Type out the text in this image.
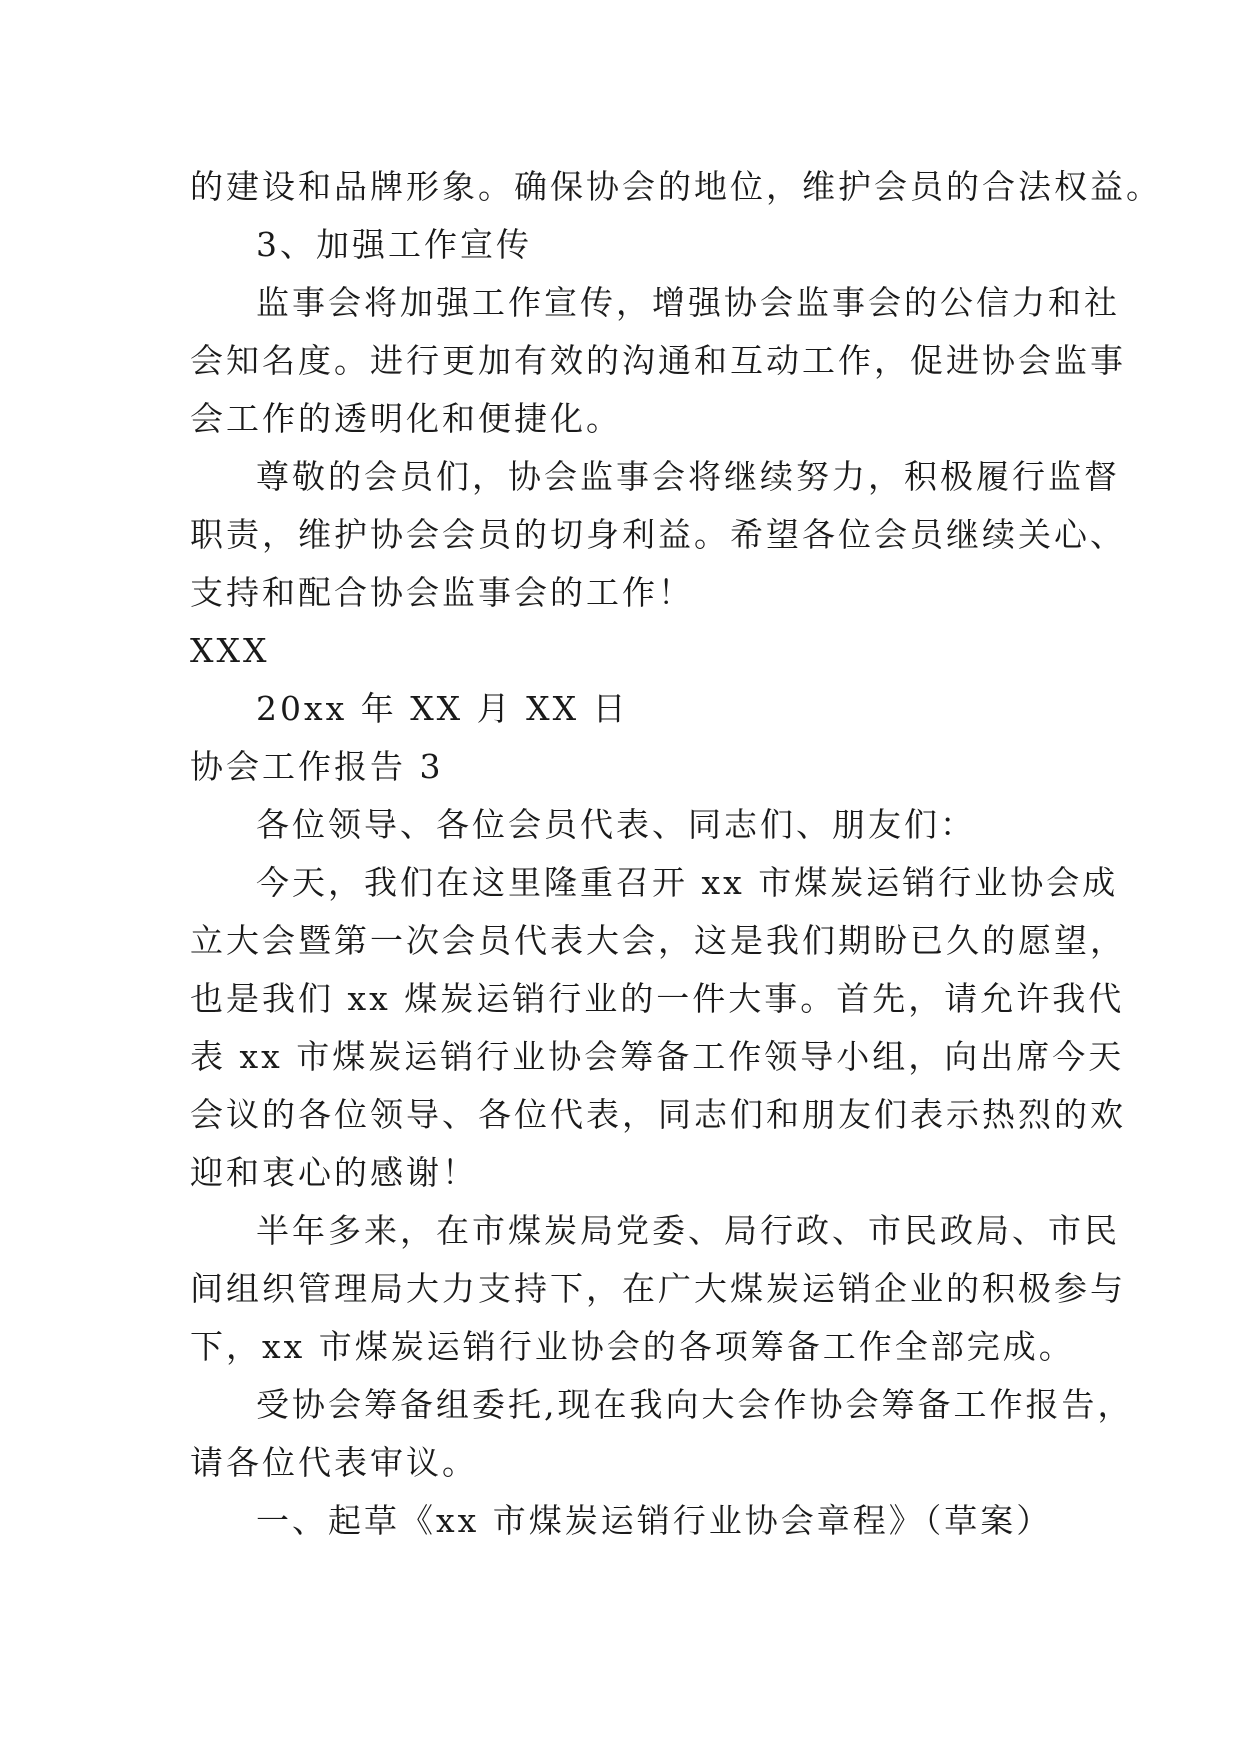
的建设和品牌形象。确保协会的地位，维护会员的合法权益。
3、加强工作宣传
监事会将加强工作宣传，增强协会监事会的公信力和社
会知名度。进行更加有效的沟通和互动工作，促进协会监事
会工作的透明化和便捷化。
尊敬的会员们，协会监事会将继续努力，积极履行监督
职责，维护协会会员的切身利益。希望各位会员继续关心、
支持和配合协会监事会的工作！
XXX
20xx 年 XX 月 XX 日
协会工作报告 3
各位领导、各位会员代表、同志们、朋友们：
今天，我们在这里隆重召开 xx 市煤炭运销行业协会成
立大会暨第一次会员代表大会，这是我们期盼已久的愿望，
也是我们 xx 煤炭运销行业的一件大事。首先，请允许我代
表 xx 市煤炭运销行业协会筹备工作领导小组，向出席今天
会议的各位领导、各位代表，同志们和朋友们表示热烈的欢
迎和衷心的感谢！
半年多来，在市煤炭局党委、局行政、市民政局、市民
间组织管理局大力支持下，在广大煤炭运销企业的积极参与
下，xx 市煤炭运销行业协会的各项筹备工作全部完成。
受协会筹备组委托,现在我向大会作协会筹备工作报告，
请各位代表审议。
一、起草《xx 市煤炭运销行业协会章程》（草案）
